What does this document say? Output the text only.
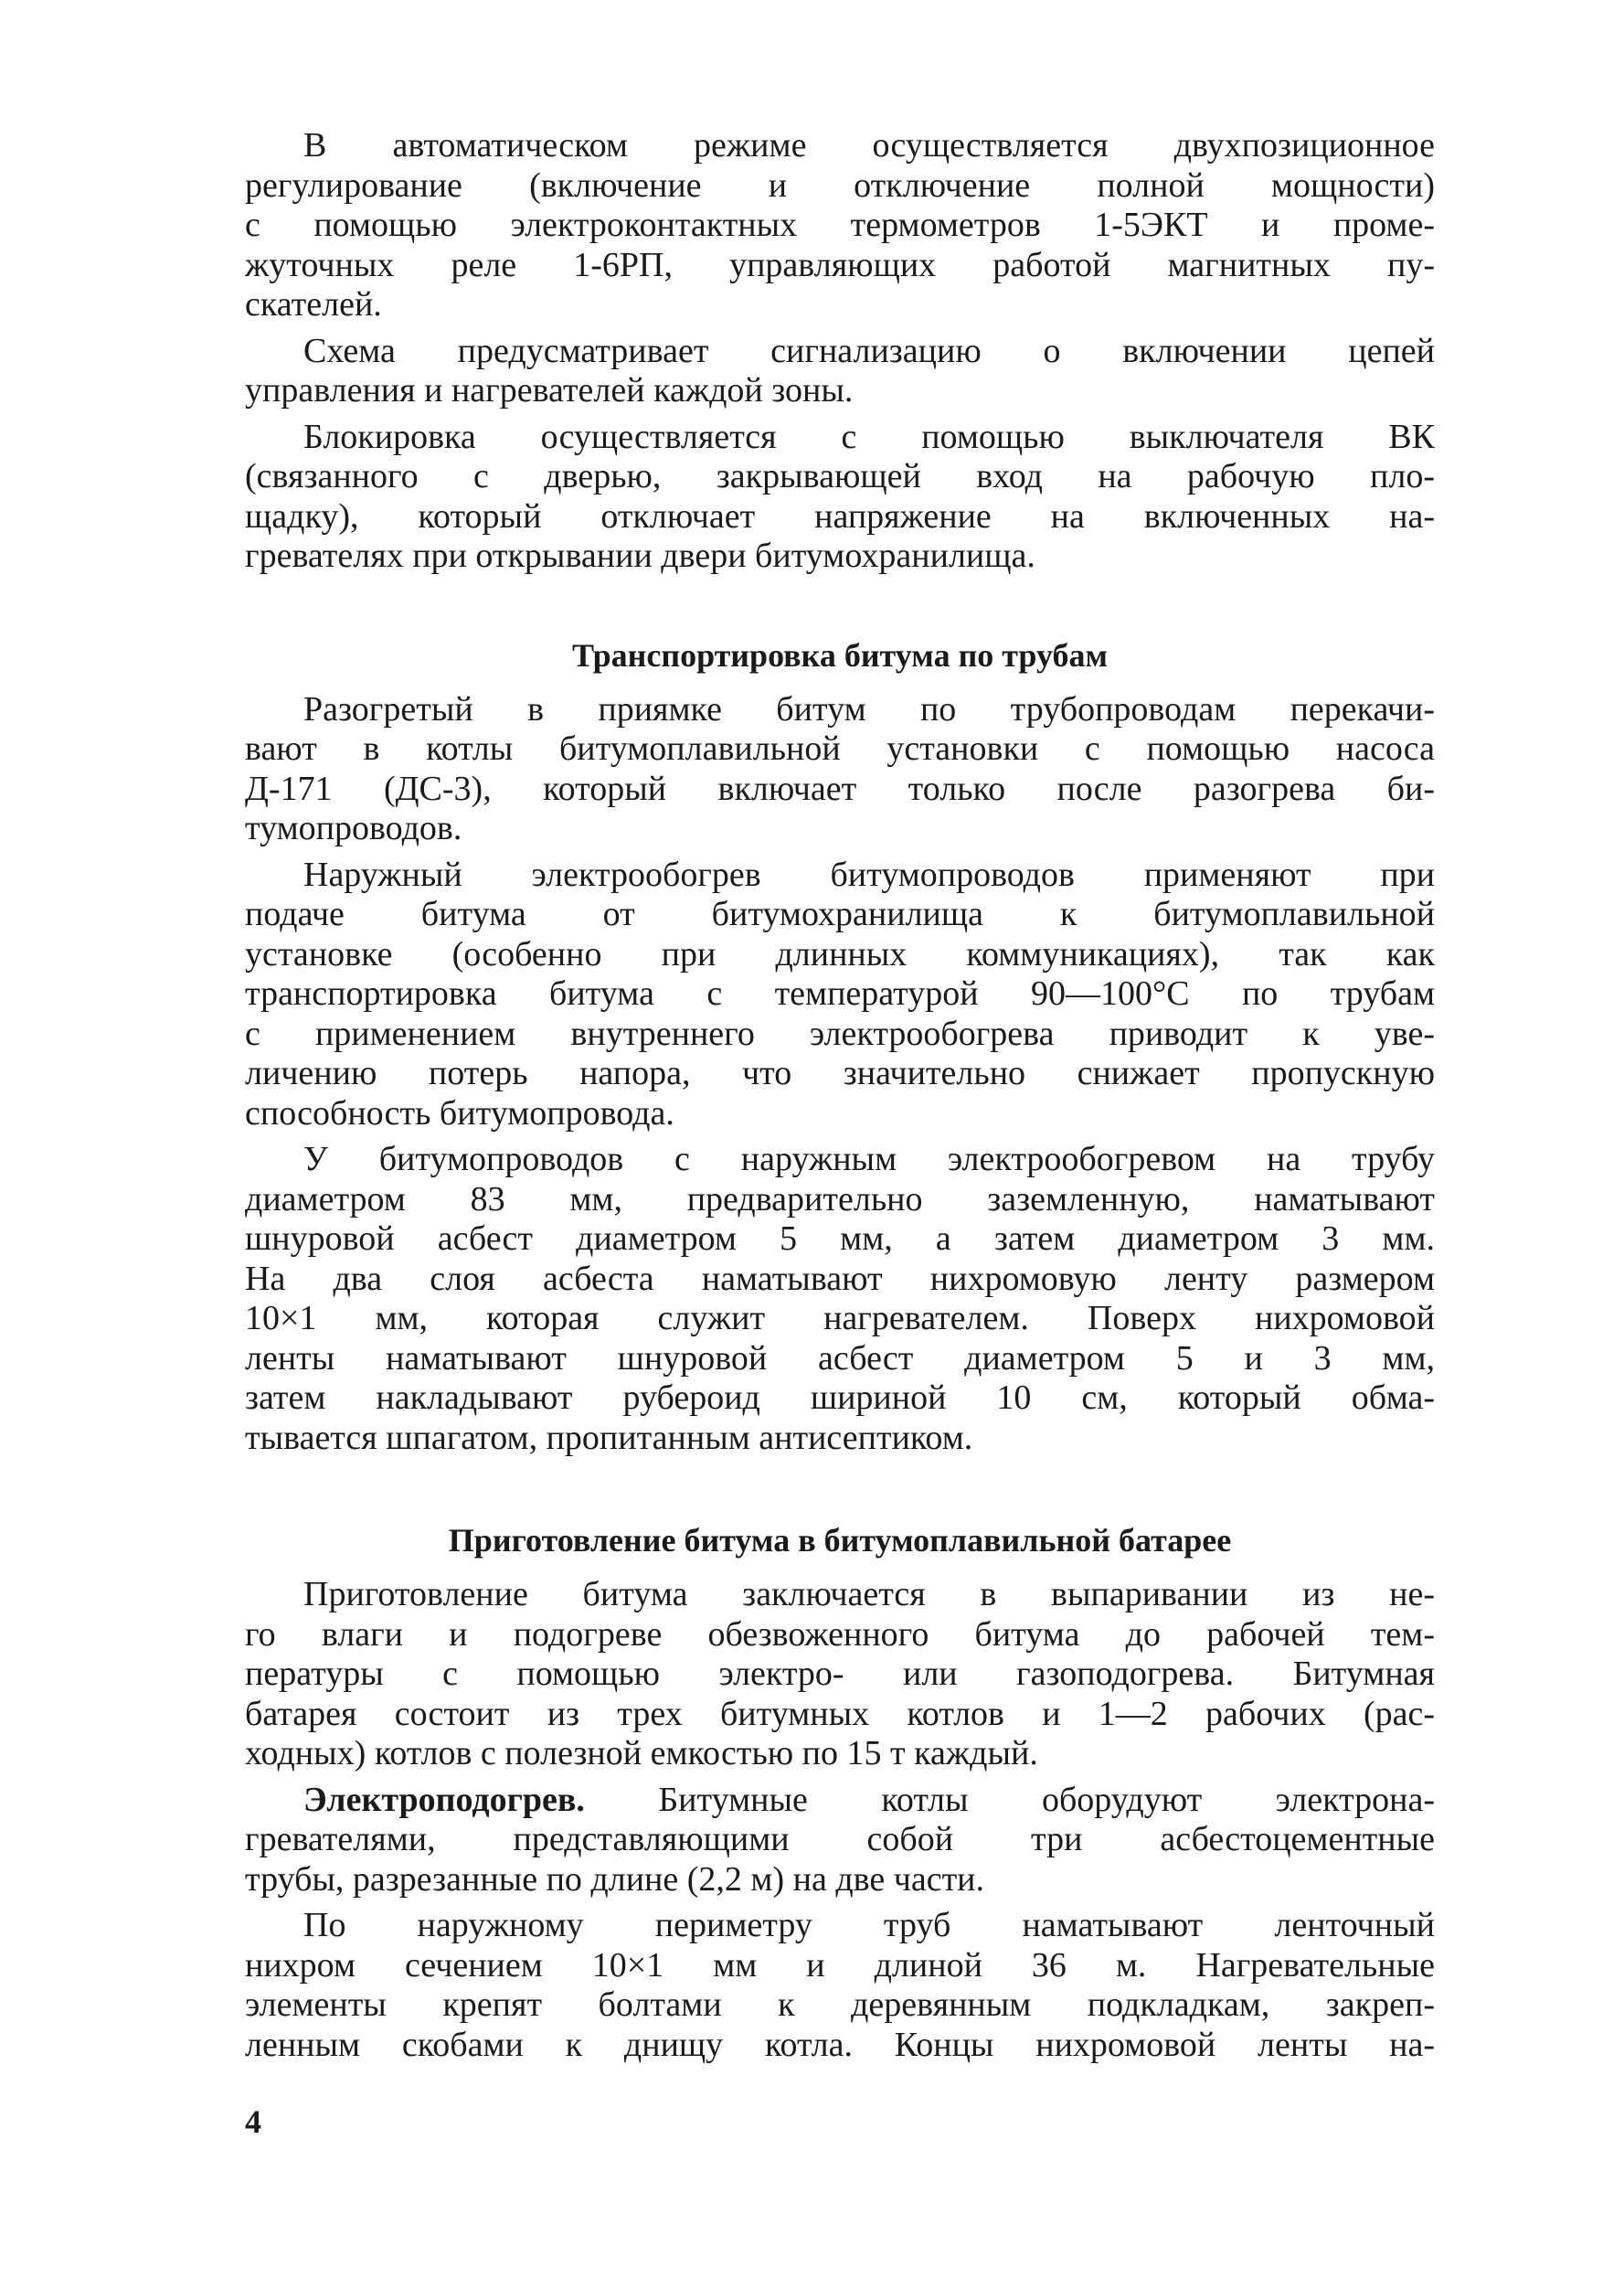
В автоматическом режиме осуществляется двухпозиционное
регулирование (включение и отключение полной мощности)
с помощью электроконтактных термометров 1-5ЭКТ и проме-
жуточных реле 1-6РП, управляющих работой магнитных пу-
скателей.
Схема предусматривает сигнализацию о включении цепей
управления и нагревателей каждой зоны.
Блокировка осуществляется с помощью выключателя ВК
(связанного с дверью, закрывающей вход на рабочую пло-
щадку), который отключает напряжение на включенных на-
гревателях при открывании двери битумохранилища.
Транспортировка битума по трубам
Разогретый в приямке битум по трубопроводам перекачи-
вают в котлы битумоплавильной установки с помощью насоса
Д-171 (ДС-3), который включает только после разогрева би-
тумопроводов.
Наружный электрообогрев битумопроводов применяют при
подаче битума от битумохранилища к битумоплавильной
установке (особенно при длинных коммуникациях), так как
транспортировка битума с температурой 90—100°С по трубам
с применением внутреннего электрообогрева приводит к уве-
личению потерь напора, что значительно снижает пропускную
способность битумопровода.
У битумопроводов с наружным электрообогревом на трубу
диаметром 83 мм, предварительно заземленную, наматывают
шнуровой асбест диаметром 5 мм, а затем диаметром 3 мм.
На два слоя асбеста наматывают нихромовую ленту размером
10×1 мм, которая служит нагревателем. Поверх нихромовой
ленты наматывают шнуровой асбест диаметром 5 и 3 мм,
затем накладывают рубероид шириной 10 см, который обма-
тывается шпагатом, пропитанным антисептиком.
Приготовление битума в битумоплавильной батарее
Приготовление битума заключается в выпаривании из не-
го влаги и подогреве обезвоженного битума до рабочей тем-
пературы с помощью электро- или газоподогрева. Битумная
батарея состоит из трех битумных котлов и 1—2 рабочих (рас-
ходных) котлов с полезной емкостью по 15 т каждый.
Электроподогрев. Битумные котлы оборудуют электрона-
гревателями, представляющими собой три асбестоцементные
трубы, разрезанные по длине (2,2 м) на две части.
По наружному периметру труб наматывают ленточный
нихром сечением 10×1 мм и длиной 36 м. Нагревательные
элементы крепят болтами к деревянным подкладкам, закреп-
ленным скобами к днищу котла. Концы нихромовой ленты на-
4
